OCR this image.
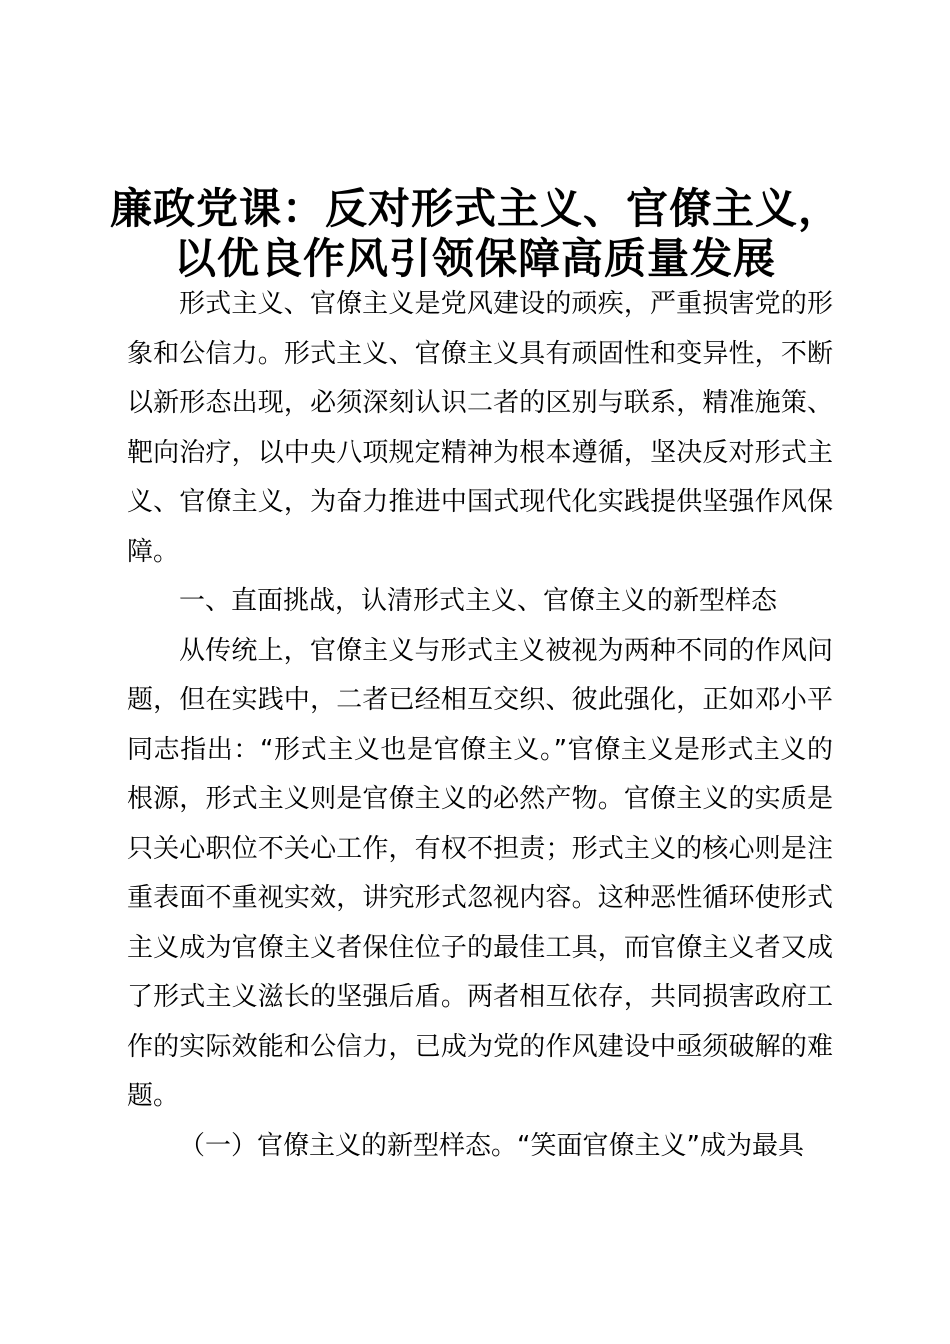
廉政党课：反对形式主义、官僚主义，
以优良作风引领保障高质量发展

形式主义、官僚主义是党风建设的顽疾，严重损害党的形象和公信力。形式主义、官僚主义具有顽固性和变异性，不断以新形态出现，必须深刻认识二者的区别与联系，精准施策、靶向治疗，以中央八项规定精神为根本遵循，坚决反对形式主义、官僚主义，为奋力推进中国式现代化实践提供坚强作风保障。

一、直面挑战，认清形式主义、官僚主义的新型样态

从传统上，官僚主义与形式主义被视为两种不同的作风问题，但在实践中，二者已经相互交织、彼此强化，正如邓小平同志指出：“形式主义也是官僚主义。”官僚主义是形式主义的根源，形式主义则是官僚主义的必然产物。官僚主义的实质是只关心职位不关心工作，有权不担责；形式主义的核心则是注重表面不重视实效，讲究形式忽视内容。这种恶性循环使形式主义成为官僚主义者保住位子的最佳工具，而官僚主义者又成了形式主义滋长的坚强后盾。两者相互依存，共同损害政府工作的实际效能和公信力，已成为党的作风建设中亟须破解的难题。

（一）官僚主义的新型样态。“笑面官僚主义”成为最具
